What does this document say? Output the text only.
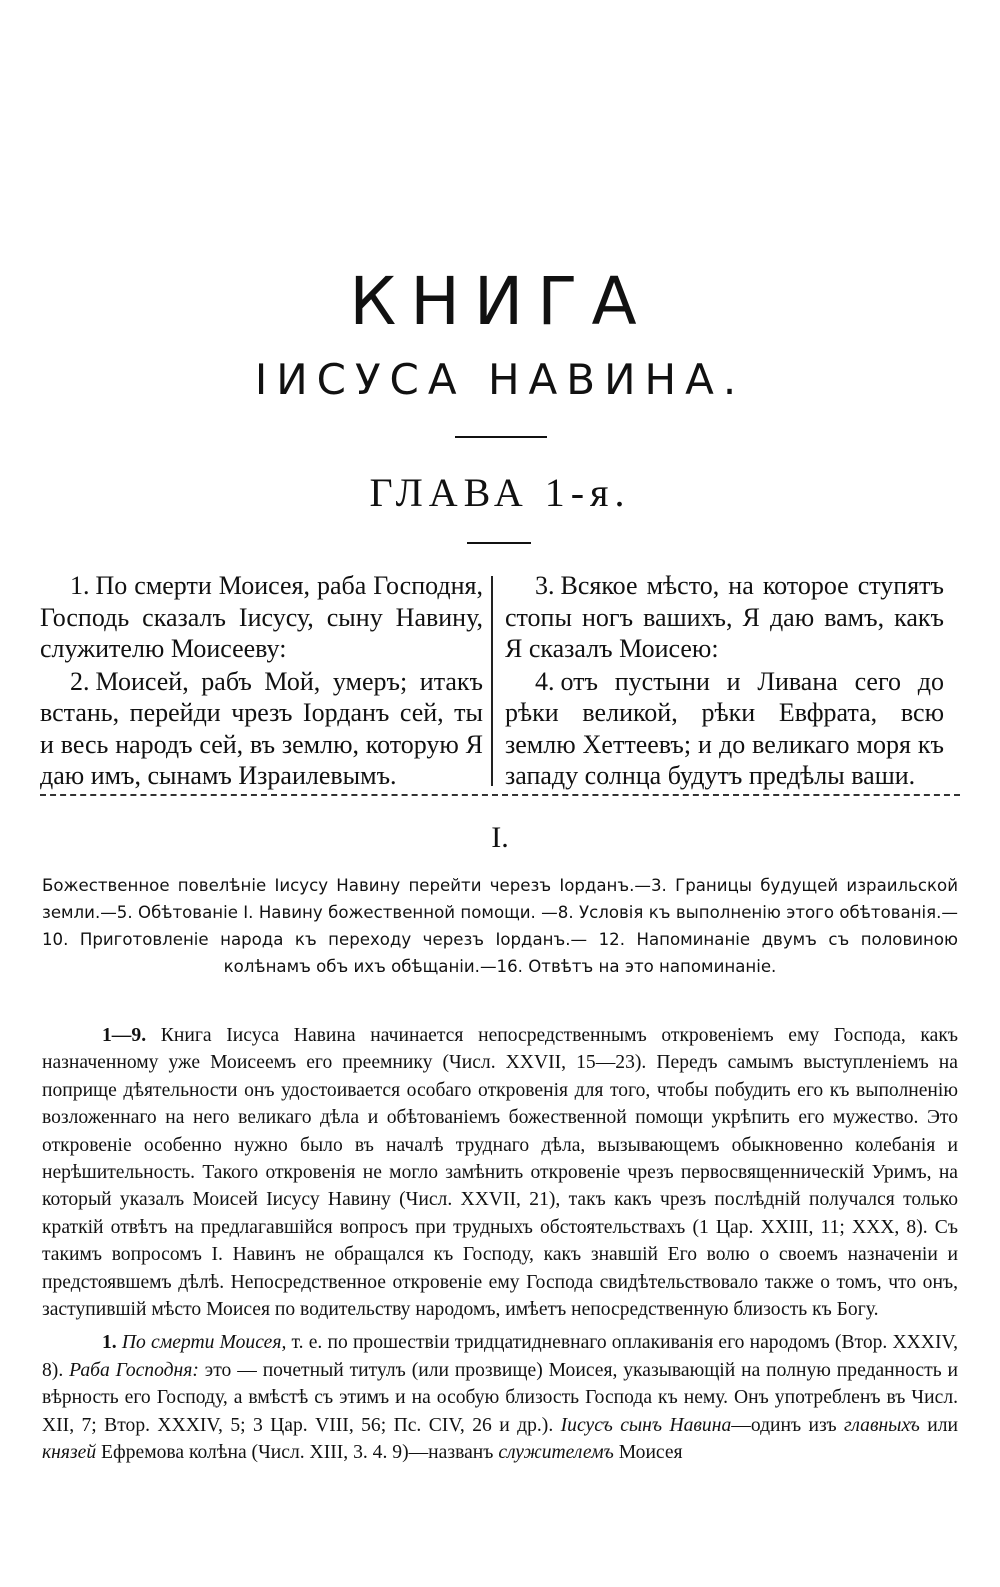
КНИГА
ІИСУСА НАВИНА.
ГЛАВА 1-я.

1. По смерти Моисея, раба Господня, Господь сказалъ Іисусу, сыну Навину, служителю Моисееву:

2. Моисей, рабъ Мой, умеръ; итакъ встань, перейди чрезъ Іорданъ сей, ты и весь народъ сей, въ землю, которую Я даю имъ, сынамъ Израилевымъ.

3. Всякое мѣсто, на которое ступятъ стопы ногъ вашихъ, Я даю вамъ, какъ Я сказалъ Моисею:

4. отъ пустыни и Ливана сего до рѣки великой, рѣки Евфрата, всю землю Хеттеевъ; и до великаго моря къ западу солнца будутъ предѣлы ваши.

I.

Божественное повелѣніе Іисусу Навину перейти черезъ Іорданъ.—3. Границы будущей израильской земли.—5. Обѣтованіе І. Навину божественной помощи. —8. Условія къ выполненію этого обѣтованія.—10. Приготовленіе народа къ переходу черезъ Іорданъ.— 12. Напоминаніе двумъ съ половиною колѣнамъ объ ихъ обѣщаніи.—16. Отвѣтъ на это напоминаніе.

1—9. Книга Іисуса Навина начинается непосредственнымъ откровеніемъ ему Господа, какъ назначенному уже Моисеемъ его преемнику (Числ. XXVII, 15—23). Передъ самымъ выступленіемъ на поприще дѣятельности онъ удостоивается особаго откровенія для того, чтобы побудить его къ выполненію возложеннаго на него великаго дѣла и обѣтованіемъ божественной помощи укрѣпить его мужество. Это откровеніе особенно нужно было въ началѣ труднаго дѣла, вызывающемъ обыкновенно колебанія и нерѣшительность. Такого откровенія не могло замѣнить откровеніе чрезъ первосвященническій Уримъ, на который указалъ Моисей Іисусу Навину (Числ. XXVII, 21), такъ какъ чрезъ послѣдній получался только краткій отвѣтъ на предлагавшійся вопросъ при трудныхъ обстоятельствахъ (1 Цар. XXIII, 11; XXX, 8). Съ такимъ вопросомъ І. Навинъ не обращался къ Господу, какъ знавшій Его волю о своемъ назначеніи и предстоявшемъ дѣлѣ. Непосредственное откровеніе ему Господа свидѣтельствовало также о томъ, что онъ, заступившій мѣсто Моисея по водительству народомъ, имѣетъ непосредственную близость къ Богу.

1. По смерти Моисея, т. е. по прошествіи тридцатидневнаго оплакиванія его народомъ (Втор. XXXIV, 8). Раба Господня: это — почетный титулъ (или прозвище) Моисея, указывающій на полную преданность и вѣрность его Господу, а вмѣстѣ съ этимъ и на особую близость Господа къ нему. Онъ употребленъ въ Числ. XII, 7; Втор. XXXIV, 5; 3 Цар. VIII, 56; Пс. CIV, 26 и др.). Іисусъ сынъ Навина—одинъ изъ главныхъ или князей Ефремова колѣна (Числ. XIII, 3. 4. 9)—названъ служителемъ Моисея
